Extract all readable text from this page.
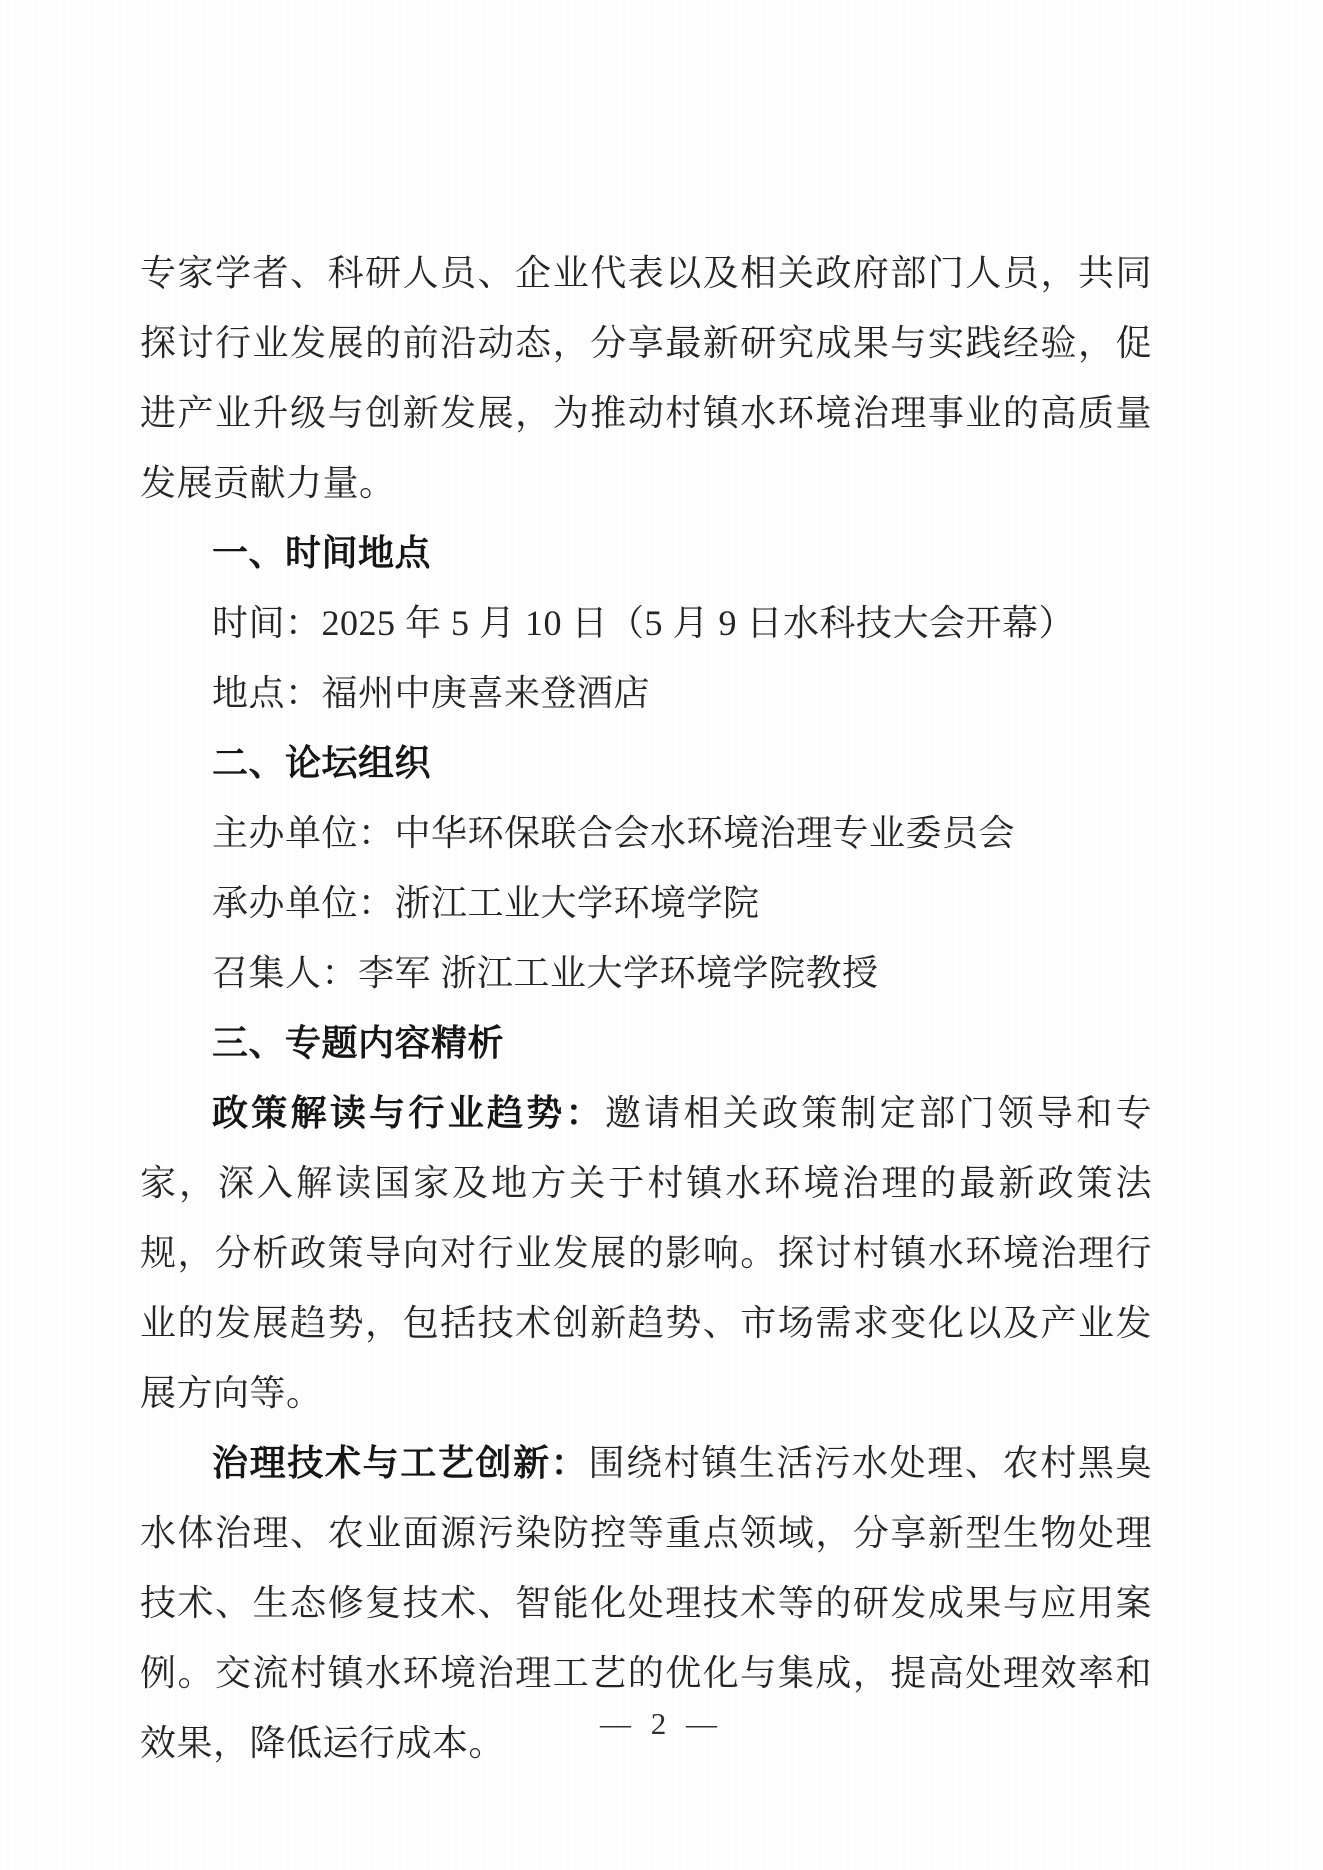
专家学者、科研人员、企业代表以及相关政府部门人员，共同探讨行业发展的前沿动态，分享最新研究成果与实践经验，促进产业升级与创新发展，为推动村镇水环境治理事业的高质量发展贡献力量。

一、时间地点

时间：2025 年 5 月 10 日（5 月 9 日水科技大会开幕）

地点：福州中庚喜来登酒店

二、论坛组织

主办单位：中华环保联合会水环境治理专业委员会

承办单位：浙江工业大学环境学院

召集人：李军 浙江工业大学环境学院教授

三、专题内容精析

政策解读与行业趋势：邀请相关政策制定部门领导和专家，深入解读国家及地方关于村镇水环境治理的最新政策法规，分析政策导向对行业发展的影响。探讨村镇水环境治理行业的发展趋势，包括技术创新趋势、市场需求变化以及产业发展方向等。

治理技术与工艺创新：围绕村镇生活污水处理、农村黑臭水体治理、农业面源污染防控等重点领域，分享新型生物处理技术、生态修复技术、智能化处理技术等的研发成果与应用案例。交流村镇水环境治理工艺的优化与集成，提高处理效率和效果，降低运行成本。	— 2 —
